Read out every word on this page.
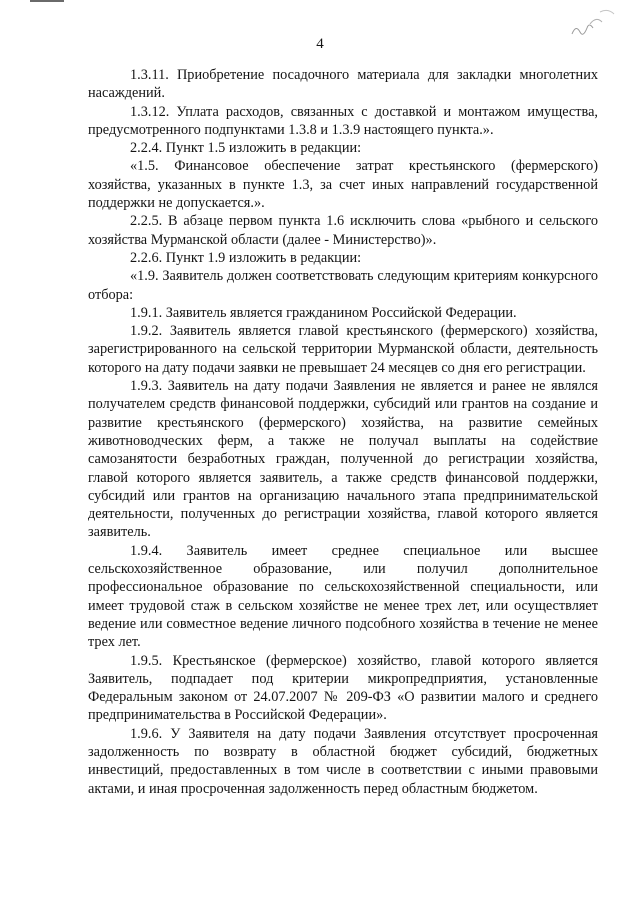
4

1.3.11. Приобретение посадочного материала для закладки многолетних насаждений.

1.3.12. Уплата расходов, связанных с доставкой и монтажом имущества, предусмотренного подпунктами 1.3.8 и 1.3.9 настоящего пункта.».

2.2.4. Пункт 1.5 изложить в редакции:

«1.5. Финансовое обеспечение затрат крестьянского (фермерского) хозяйства, указанных в пункте 1.3, за счет иных направлений государственной поддержки не допускается.».

2.2.5. В абзаце первом пункта 1.6 исключить слова «рыбного и сельского хозяйства Мурманской области (далее - Министерство)».

2.2.6. Пункт 1.9 изложить в редакции:

«1.9. Заявитель должен соответствовать следующим критериям конкурсного отбора:

1.9.1. Заявитель является гражданином Российской Федерации.

1.9.2. Заявитель является главой крестьянского (фермерского) хозяйства, зарегистрированного на сельской территории Мурманской области, деятельность которого на дату подачи заявки не превышает 24 месяцев со дня его регистрации.

1.9.3. Заявитель на дату подачи Заявления не является и ранее не являлся получателем средств финансовой поддержки, субсидий или грантов на создание и развитие крестьянского (фермерского) хозяйства, на развитие семейных животноводческих ферм, а также не получал выплаты на содействие самозанятости безработных граждан, полученной до регистрации хозяйства, главой которого является заявитель, а также средств финансовой поддержки, субсидий или грантов на организацию начального этапа предпринимательской деятельности, полученных до регистрации хозяйства, главой которого является заявитель.

1.9.4. Заявитель имеет среднее специальное или высшее сельскохозяйственное образование, или получил дополнительное профессиональное образование по сельскохозяйственной специальности, или имеет трудовой стаж в сельском хозяйстве не менее трех лет, или осуществляет ведение или совместное ведение личного подсобного хозяйства в течение не менее трех лет.

1.9.5. Крестьянское (фермерское) хозяйство, главой которого является Заявитель, подпадает под критерии микропредприятия, установленные Федеральным законом от 24.07.2007 № 209-ФЗ «О развитии малого и среднего предпринимательства в Российской Федерации».

1.9.6. У Заявителя на дату подачи Заявления отсутствует просроченная задолженность по возврату в областной бюджет субсидий, бюджетных инвестиций, предоставленных в том числе в соответствии с иными правовыми актами, и иная просроченная задолженность перед областным бюджетом.
